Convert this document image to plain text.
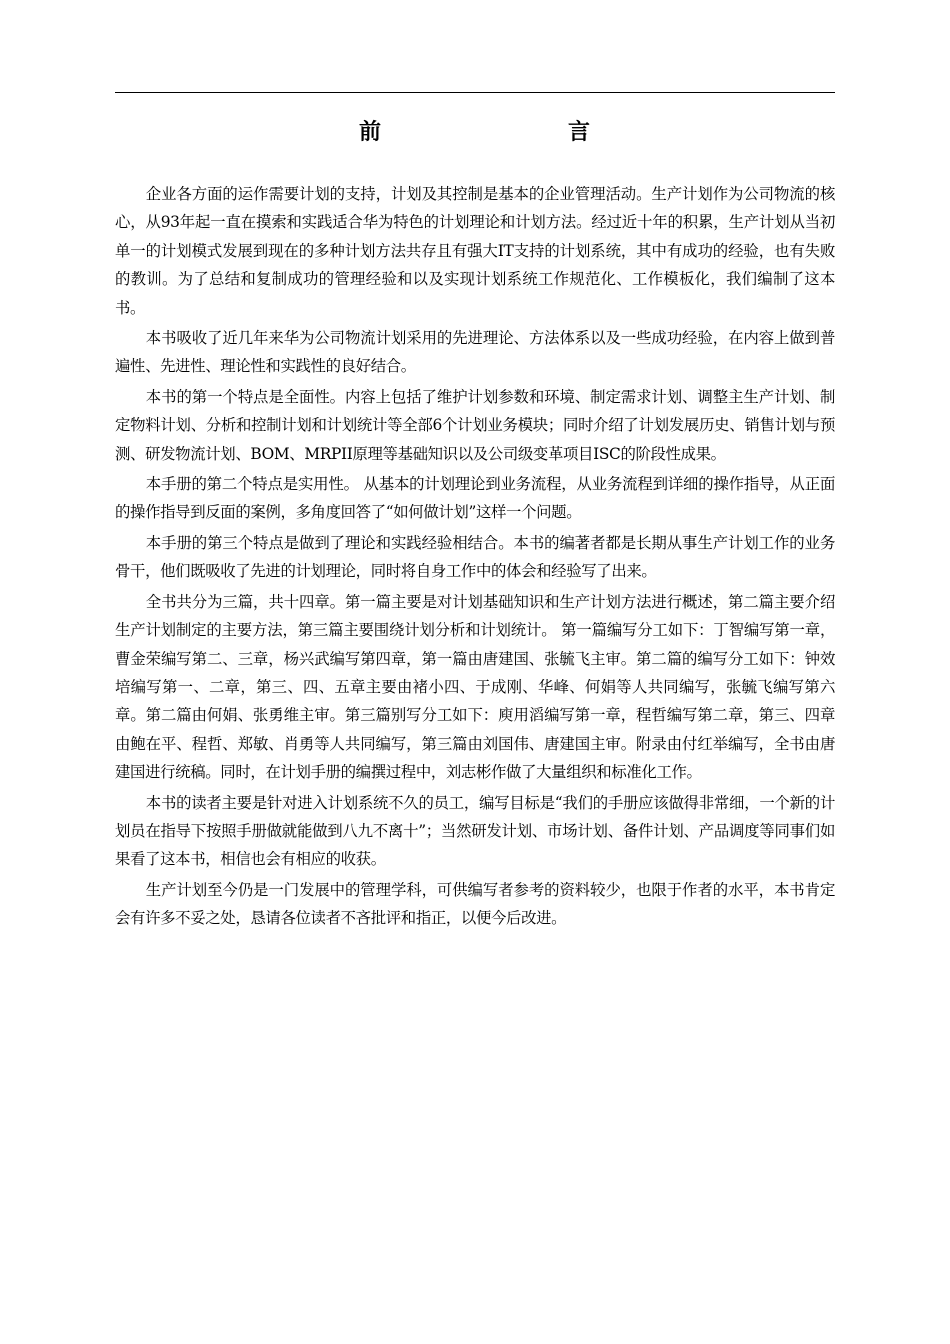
前	言

企业各方面的运作需要计划的支持，计划及其控制是基本的企业管理活动。生产计划作为公司物流的核心，从93年起一直在摸索和实践适合华为特色的计划理论和计划方法。经过近十年的积累，生产计划从当初单一的计划模式发展到现在的多种计划方法共存且有强大IT支持的计划系统，其中有成功的经验，也有失败的教训。为了总结和复制成功的管理经验和以及实现计划系统工作规范化、工作模板化，我们编制了这本书。

本书吸收了近几年来华为公司物流计划采用的先进理论、方法体系以及一些成功经验，在内容上做到普遍性、先进性、理论性和实践性的良好结合。

本书的第一个特点是全面性。内容上包括了维护计划参数和环境、制定需求计划、调整主生产计划、制定物料计划、分析和控制计划和计划统计等全部6个计划业务模块；同时介绍了计划发展历史、销售计划与预测、研发物流计划、BOM、MRPII原理等基础知识以及公司级变革项目ISC的阶段性成果。

本手册的第二个特点是实用性。 从基本的计划理论到业务流程，从业务流程到详细的操作指导，从正面的操作指导到反面的案例，多角度回答了“如何做计划”这样一个问题。

本手册的第三个特点是做到了理论和实践经验相结合。本书的编著者都是长期从事生产计划工作的业务骨干，他们既吸收了先进的计划理论，同时将自身工作中的体会和经验写了出来。

全书共分为三篇，共十四章。第一篇主要是对计划基础知识和生产计划方法进行概述，第二篇主要介绍生产计划制定的主要方法，第三篇主要围绕计划分析和计划统计。 第一篇编写分工如下：丁智编写第一章， 曹金荣编写第二、三章，杨兴武编写第四章，第一篇由唐建国、张毓飞主审。第二篇的编写分工如下：钟效培编写第一、二章，第三、四、五章主要由褚小四、于成刚、华峰、何娟等人共同编写，张毓飞编写第六章。第二篇由何娟、张勇维主审。第三篇别写分工如下：庾用滔编写第一章，程哲编写第二章，第三、四章由鲍在平、程哲、郑敏、肖勇等人共同编写，第三篇由刘国伟、唐建国主审。附录由付红举编写，全书由唐建国进行统稿。同时，在计划手册的编撰过程中，刘志彬作做了大量组织和标准化工作。

本书的读者主要是针对进入计划系统不久的员工，编写目标是“我们的手册应该做得非常细，一个新的计划员在指导下按照手册做就能做到八九不离十”；当然研发计划、市场计划、备件计划、产品调度等同事们如果看了这本书，相信也会有相应的收获。

生产计划至今仍是一门发展中的管理学科，可供编写者参考的资料较少，也限于作者的水平，本书肯定会有许多不妥之处，恳请各位读者不吝批评和指正，以便今后改进。
